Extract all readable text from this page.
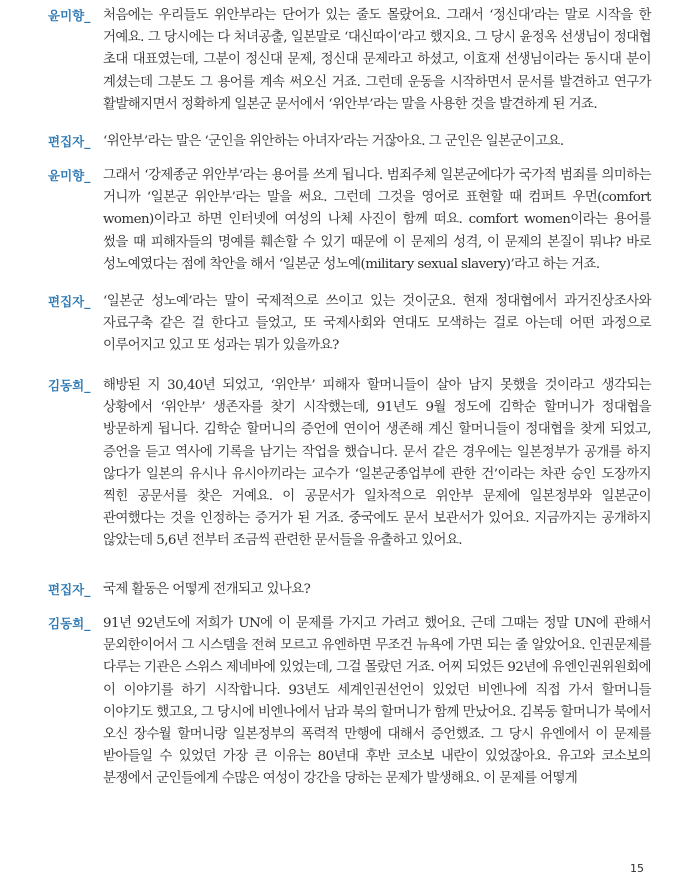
윤미향_ 처음에는 우리들도 위안부라는 단어가 있는 줄도 몰랐어요. 그래서 ‘정신대’라는 말로 시작을 한 거예요. 그 당시에는 다 처녀공출, 일본말로 ‘대신따이’라고 했지요. 그 당시 윤정옥 선생님이 정대협 초대 대표였는데, 그분이 정신대 문제, 정신대 문제라고 하셨고, 이효재 선생님이라는 동시대 분이 계셨는데 그분도 그 용어를 계속 써오신 거죠. 그런데 운동을 시작하면서 문서를 발견하고 연구가 활발해지면서 정확하게 일본군 문서에서 ‘위안부’라는 말을 사용한 것을 발견하게 된 거죠.
편집자_ ‘위안부’라는 말은 ‘군인을 위안하는 아녀자’라는 거잖아요. 그 군인은 일본군이고요.
윤미향_ 그래서 ‘강제종군 위안부’라는 용어를 쓰게 됩니다. 범죄주체 일본군에다가 국가적 범죄를 의미하는 거니까 ‘일본군 위안부’라는 말을 써요. 그런데 그것을 영어로 표현할 때 컴퍼트 우먼(comfort women)이라고 하면 인터넷에 여성의 나체 사진이 함께 떠요. comfort women이라는 용어를 썼을 때 피해자들의 명예를 훼손할 수 있기 때문에 이 문제의 성격, 이 문제의 본질이 뭐냐? 바로 성노예였다는 점에 착안을 해서 ‘일본군 성노예(military sexual slavery)’라고 하는 거죠.
편집자_ ‘일본군 성노예’라는 말이 국제적으로 쓰이고 있는 것이군요. 현재 정대협에서 과거진상조사와 자료구축 같은 걸 한다고 들었고, 또 국제사회와 연대도 모색하는 걸로 아는데 어떤 과정으로 이루어지고 있고 또 성과는 뭐가 있을까요?
김동희_ 해방된 지 30,40년 되었고, ‘위안부’ 피해자 할머니들이 살아 남지 못했을 것이라고 생각되는 상황에서 ‘위안부’ 생존자를 찾기 시작했는데, 91년도 9월 정도에 김학순 할머니가 정대협을 방문하게 됩니다. 김학순 할머니의 증언에 연이어 생존해 계신 할머니들이 정대협을 찾게 되었고, 증언을 듣고 역사에 기록을 남기는 작업을 했습니다. 문서 같은 경우에는 일본정부가 공개를 하지 않다가 일본의 유시나 유시아끼라는 교수가 ‘일본군종업부에 관한 건’이라는 차관 승인 도장까지 찍힌 공문서를 찾은 거예요. 이 공문서가 일차적으로 위안부 문제에 일본정부와 일본군이 관여했다는 것을 인정하는 증거가 된 거죠. 중국에도 문서 보관서가 있어요. 지금까지는 공개하지 않았는데 5,6년 전부터 조금씩 관련한 문서들을 유출하고 있어요.
편집자_ 국제 활동은 어떻게 전개되고 있나요?
김동희_ 91년 92년도에 저희가 UN에 이 문제를 가지고 가려고 했어요. 근데 그때는 정말 UN에 관해서 문외한이어서 그 시스템을 전혀 모르고 유엔하면 무조건 뉴욕에 가면 되는 줄 알았어요. 인권문제를 다루는 기관은 스위스 제네바에 있었는데, 그걸 몰랐던 거죠. 어찌 되었든 92년에 유엔인권위원회에 이 이야기를 하기 시작합니다. 93년도 세계인권선언이 있었던 비엔나에 직접 가서 할머니들 이야기도 했고요, 그 당시에 비엔나에서 남과 북의 할머니가 함께 만났어요. 김복동 할머니가 북에서 오신 장수월 할머니랑 일본정부의 폭력적 만행에 대해서 증언했죠. 그 당시 유엔에서 이 문제를 받아들일 수 있었던 가장 큰 이유는 80년대 후반 코소보 내란이 있었잖아요. 유고와 코소보의 분쟁에서 군인들에게 수많은 여성이 강간을 당하는 문제가 발생해요. 이 문제를 어떻게
15
